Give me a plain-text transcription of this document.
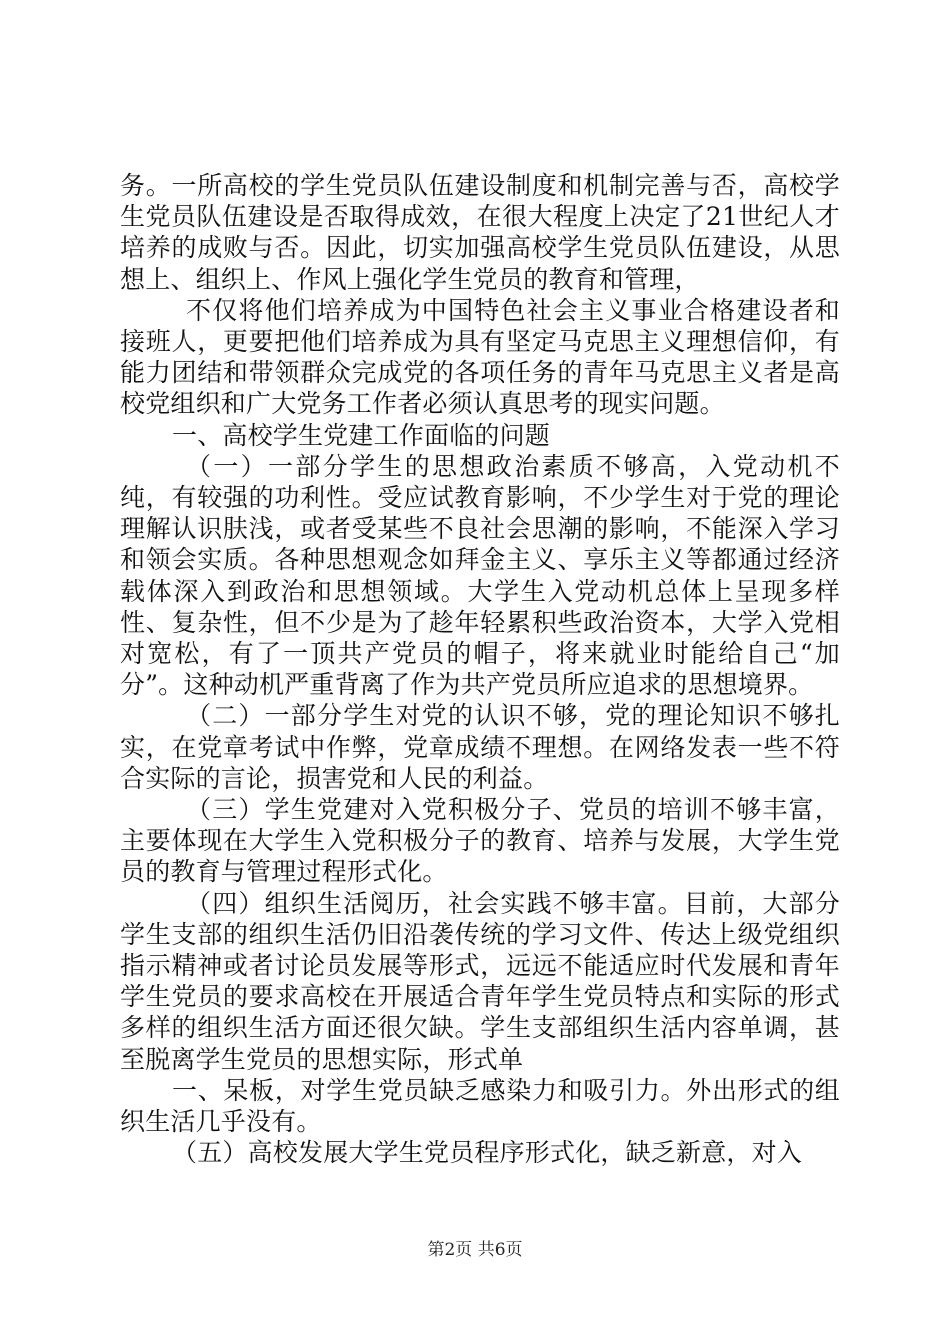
务。一所高校的学生党员队伍建设制度和机制完善与否，高校学生党员队伍建设是否取得成效，在很大程度上决定了21世纪人才培养的成败与否。因此，切实加强高校学生党员队伍建设，从思想上、组织上、作风上强化学生党员的教育和管理，

不仅将他们培养成为中国特色社会主义事业合格建设者和接班人，更要把他们培养成为具有坚定马克思主义理想信仰，有能力团结和带领群众完成党的各项任务的青年马克思主义者是高校党组织和广大党务工作者必须认真思考的现实问题。

一、高校学生党建工作面临的问题

（一）一部分学生的思想政治素质不够高，入党动机不纯，有较强的功利性。受应试教育影响，不少学生对于党的理论理解认识肤浅，或者受某些不良社会思潮的影响，不能深入学习和领会实质。各种思想观念如拜金主义、享乐主义等都通过经济载体深入到政治和思想领域。大学生入党动机总体上呈现多样性、复杂性，但不少是为了趁年轻累积些政治资本，大学入党相对宽松，有了一顶共产党员的帽子，将来就业时能给自己“加分”。这种动机严重背离了作为共产党员所应追求的思想境界。

（二）一部分学生对党的认识不够，党的理论知识不够扎实，在党章考试中作弊，党章成绩不理想。在网络发表一些不符合实际的言论，损害党和人民的利益。

（三）学生党建对入党积极分子、党员的培训不够丰富，主要体现在大学生入党积极分子的教育、培养与发展，大学生党员的教育与管理过程形式化。

（四）组织生活阅历，社会实践不够丰富。目前，大部分学生支部的组织生活仍旧沿袭传统的学习文件、传达上级党组织指示精神或者讨论员发展等形式，远远不能适应时代发展和青年学生党员的要求高校在开展适合青年学生党员特点和实际的形式多样的组织生活方面还很欠缺。学生支部组织生活内容单调，甚至脱离学生党员的思想实际，形式单

一、呆板，对学生党员缺乏感染力和吸引力。外出形式的组织生活几乎没有。

（五）高校发展大学生党员程序形式化，缺乏新意，对入

第2页 共6页
